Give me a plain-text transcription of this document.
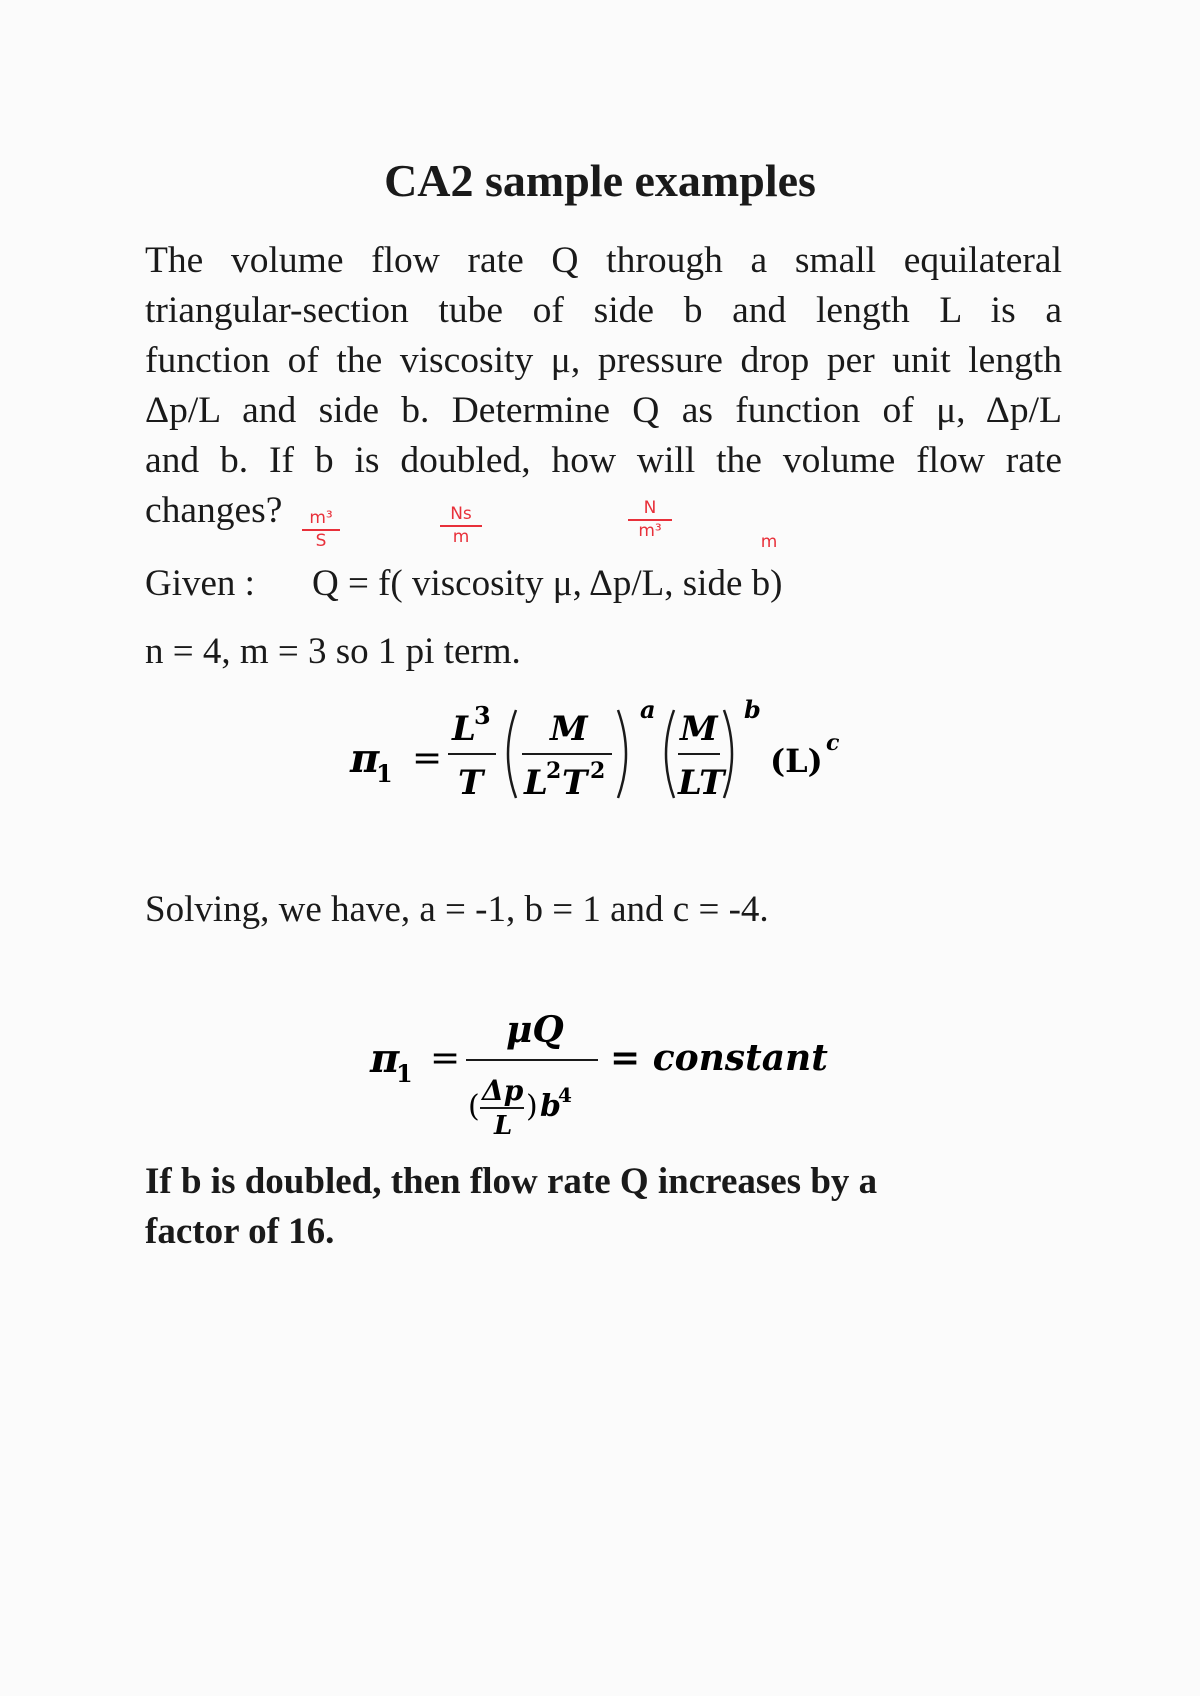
CA2 sample examples
The volume flow rate Q through a small equilateral
triangular-section tube of side b and length L is a
function of the viscosity μ, pressure drop per unit length
Δp/L and side b. Determine Q as function of μ, Δp/L
and b. If b is doubled, how will the volume flow rate
changes?	m³
S
Ns
m
N
m³
m
Given : Q = f( viscosity μ, Δp/L, side b)
n = 4, m = 3 so 1 pi term.
π
1 =
L
3
T
M
L
2 T 2
a M
LT
b
(L) c
Solving, we have, a = -1, b = 1 and c = -4.
π
1 =
μQ
( Δp
L
) b
4
= constant
If b is doubled, then flow rate Q increases by a
factor of 16.
